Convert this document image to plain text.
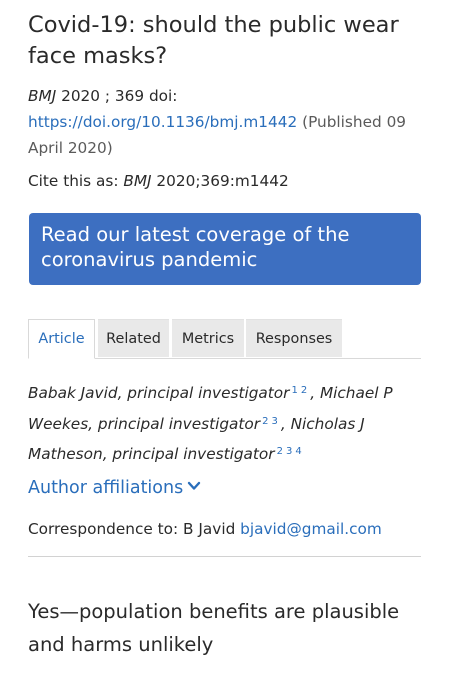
Covid-19: should the public wear face masks?
BMJ 2020 ; 369 doi:
https://doi.org/10.1136/bmj.m1442 (Published 09 April 2020)
Cite this as: BMJ 2020;369:m1442
Read our latest coverage of the coronavirus pandemic
Article	Related	Metrics	Responses
Babak Javid, principal investigator $^{1 2}$ , Michael P Weekes, principal investigator $^{2 3}$ , Nicholas J Matheson, principal investigator $^{2 3 4}$
Author affiliations
Correspondence to: B Javid bjavid@gmail.com
Yes—population benefits are plausible and harms unlikely
